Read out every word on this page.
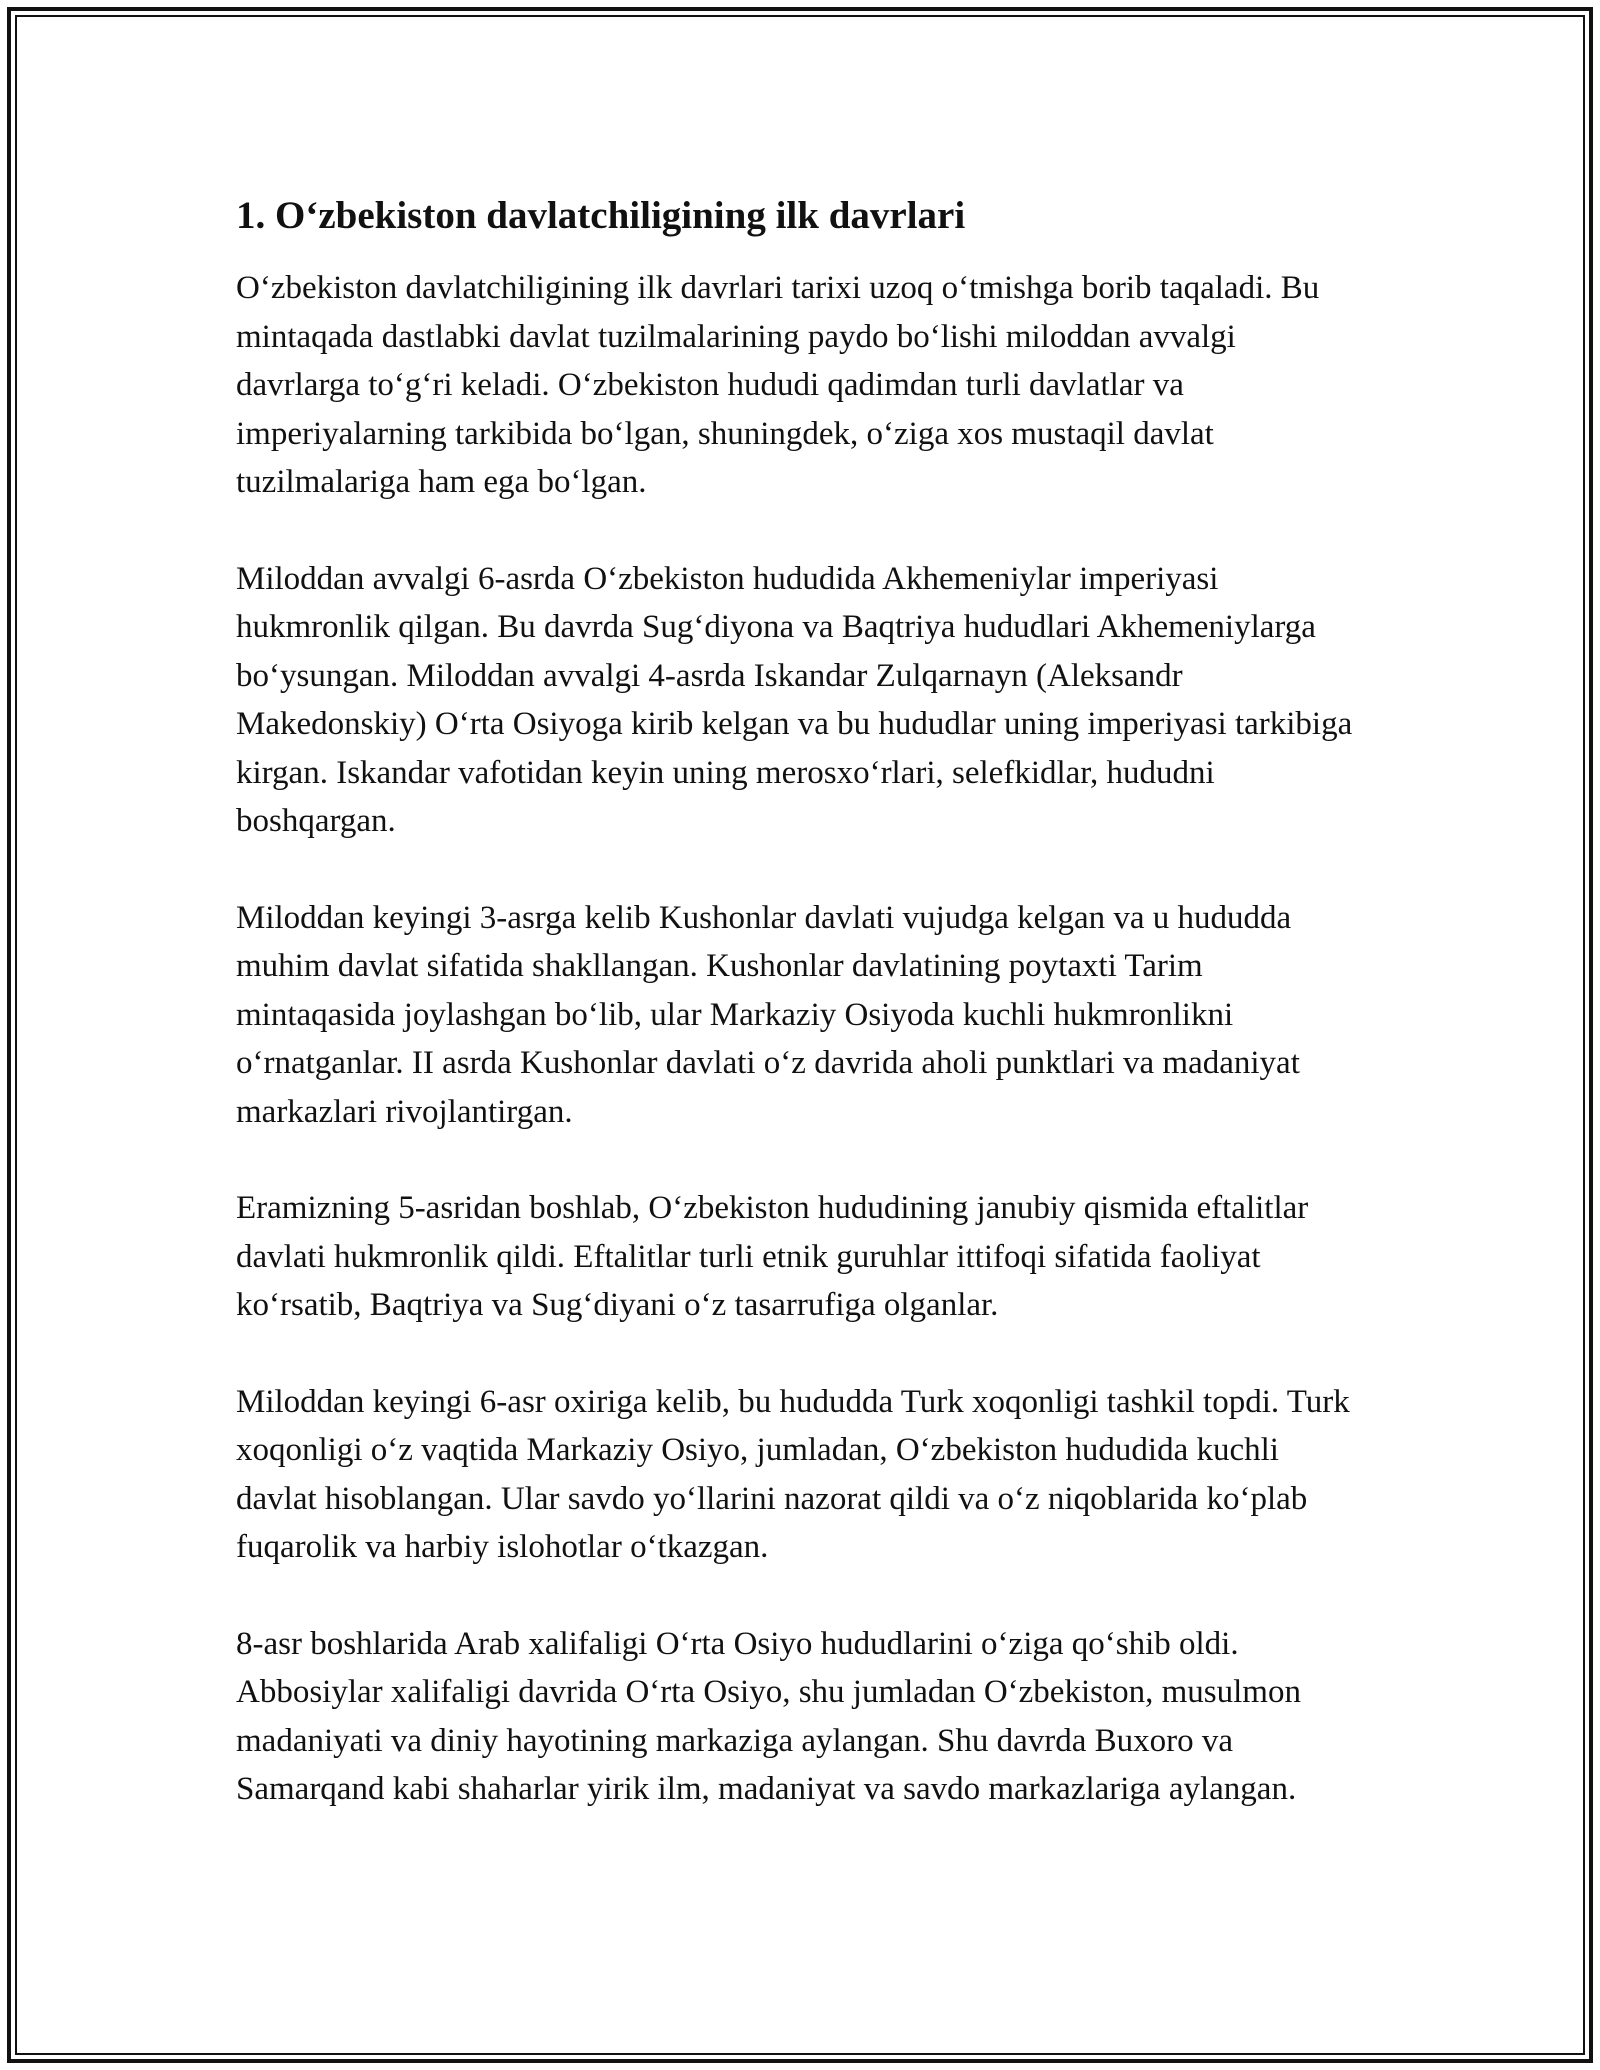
1. O‘zbekiston davlatchiligining ilk davrlari

O‘zbekiston davlatchiligining ilk davrlari tarixi uzoq o‘tmishga borib taqaladi. Bu mintaqada dastlabki davlat tuzilmalarining paydo bo‘lishi miloddan avvalgi davrlarga to‘g‘ri keladi. O‘zbekiston hududi qadimdan turli davlatlar va imperiyalarning tarkibida bo‘lgan, shuningdek, o‘ziga xos mustaqil davlat tuzilmalariga ham ega bo‘lgan.

Miloddan avvalgi 6-asrda O‘zbekiston hududida Akhemeniylar imperiyasi hukmronlik qilgan. Bu davrda Sug‘diyona va Baqtriya hududlari Akhemeniylarga bo‘ysungan. Miloddan avvalgi 4-asrda Iskandar Zulqarnayn (Aleksandr Makedonskiy) O‘rta Osiyoga kirib kelgan va bu hududlar uning imperiyasi tarkibiga kirgan. Iskandar vafotidan keyin uning merosxo‘rlari, selefkidlar, hududni boshqargan.

Miloddan keyingi 3-asrga kelib Kushonlar davlati vujudga kelgan va u hududda muhim davlat sifatida shakllangan. Kushonlar davlatining poytaxti Tarim mintaqasida joylashgan bo‘lib, ular Markaziy Osiyoda kuchli hukmronlikni o‘rnatganlar. II asrda Kushonlar davlati o‘z davrida aholi punktlari va madaniyat markazlari rivojlantirgan.

Eramizning 5-asridan boshlab, O‘zbekiston hududining janubiy qismida eftalitlar davlati hukmronlik qildi. Eftalitlar turli etnik guruhlar ittifoqi sifatida faoliyat ko‘rsatib, Baqtriya va Sug‘diyani o‘z tasarrufiga olganlar.

Miloddan keyingi 6-asr oxiriga kelib, bu hududda Turk xoqonligi tashkil topdi. Turk xoqonligi o‘z vaqtida Markaziy Osiyo, jumladan, O‘zbekiston hududida kuchli davlat hisoblangan. Ular savdo yo‘llarini nazorat qildi va o‘z niqoblarida ko‘plab fuqarolik va harbiy islohotlar o‘tkazgan.

8-asr boshlarida Arab xalifaligi O‘rta Osiyo hududlarini o‘ziga qo‘shib oldi. Abbosiylar xalifaligi davrida O‘rta Osiyo, shu jumladan O‘zbekiston, musulmon madaniyati va diniy hayotining markaziga aylangan. Shu davrda Buxoro va Samarqand kabi shaharlar yirik ilm, madaniyat va savdo markazlariga aylangan.
